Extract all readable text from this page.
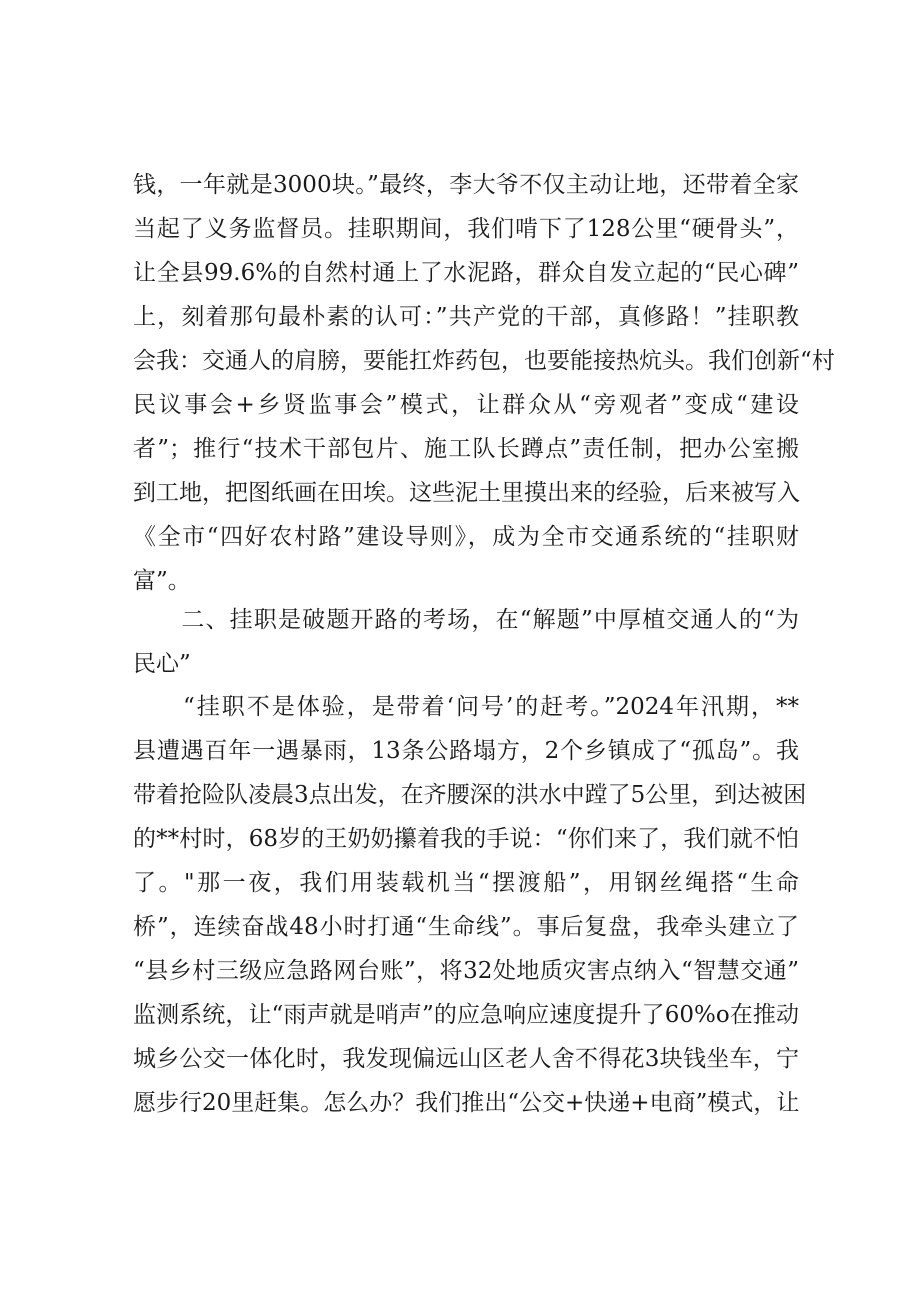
钱，一年就是3000块。”最终，李大爷不仅主动让地，还带着全家
当起了义务监督员。挂职期间，我们啃下了128公里“硬骨头”，
让全县99.6%的自然村通上了水泥路，群众自发立起的“民心碑”
上，刻着那句最朴素的认可：”共产党的干部，真修路！”挂职教
会我：交通人的肩膀，要能扛炸药包，也要能接热炕头。我们创新“村
民议事会+乡贤监事会”模式，让群众从“旁观者”变成“建设
者”；推行“技术干部包片、施工队长蹲点”责任制，把办公室搬
到工地，把图纸画在田埃。这些泥土里摸出来的经验，后来被写入
《全市“四好农村路”建设导则》，成为全市交通系统的“挂职财
富”。
　　二、挂职是破题开路的考场，在“解题”中厚植交通人的“为
民心”
　　“挂职不是体验，是带着‘问号’的赶考。”2024年汛期，**
县遭遇百年一遇暴雨，13条公路塌方，2个乡镇成了“孤岛”。我
带着抢险队凌晨3点出发，在齐腰深的洪水中蹚了5公里，到达被困
的**村时，68岁的王奶奶攥着我的手说：“你们来了，我们就不怕
了。"那一夜，我们用装载机当“摆渡船”，用钢丝绳搭“生命
桥”，连续奋战48小时打通“生命线”。事后复盘，我牵头建立了
“县乡村三级应急路网台账”，将32处地质灾害点纳入“智慧交通”
监测系统，让“雨声就是哨声”的应急响应速度提升了60%o在推动
城乡公交一体化时，我发现偏远山区老人舍不得花3块钱坐车，宁
愿步行20里赶集。怎么办？我们推出“公交+快递+电商”模式，让
